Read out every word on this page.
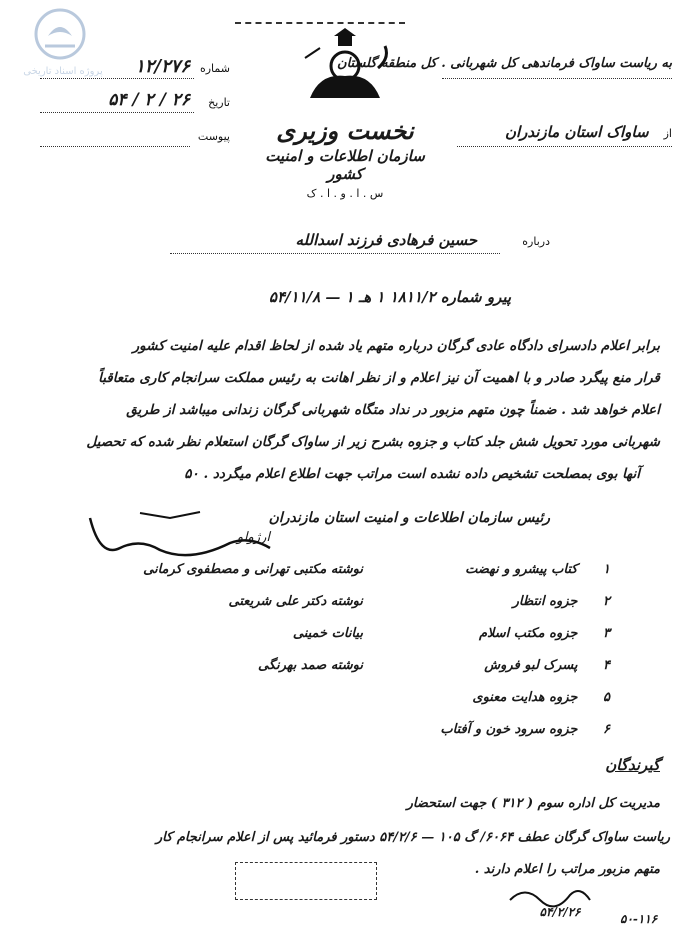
پروژه اسناد تاریخی
نخست وزیری
سازمان اطلاعات و امنیت کشور
س . ا . و . ا . ک
شماره
۱۲/۲۷۶
تاریخ
۲۶ / ۲ / ۵۴
پیوست
به ریاست ساواک فرماندهی کل شهربانی . کل منطقه گلستان
از ساواک استان مازندران
درباره حسین فرهادی فرزند اسدالله
پیرو شماره ۱۸۱۱/۲ ۱ هـ ۱ — ۵۴/۱۱/۸
برابر اعلام دادسرای دادگاه عادی گرگان درباره متهم یاد شده از لحاظ اقدام علیه امنیت کشور
قرار منع پیگرد صادر و با اهمیت آن نیز اعلام و از نظر اهانت به رئیس مملکت سرانجام کاری متعاقباً
اعلام خواهد شد . ضمناً چون متهم مزبور در نداد متگاه شهربانی گرگان زندانی میباشد از طریق
شهربانی مورد تحویل شش جلد کتاب و جزوه بشرح زیر از ساواک گرگان استعلام نظر شده که تحصیل
آنها بوی بمصلحت تشخیص داده نشده است مراتب جهت اطلاع اعلام میگردد . ۵۰
رئیس سازمان اطلاعات و امنیت استان مازندران
ارژولو
۱ کتاب پیشرو و نهضت نوشته مکتبی تهرانی و مصطفوی کرمانی
۲ جزوه انتظار نوشته دکتر علی شریعتی
۳ جزوه مکتب اسلام بیانات خمینی
۴ پسرک لبو فروش نوشته صمد بهرنگی
۵ جزوه هدایت معنوی
۶ جزوه سرود خون و آفتاب
گیرندگان
مدیریت کل اداره سوم ( ۳۱۲ ) جهت استحضار
ریاست ساواک گرگان عطف ۶۰۶۴/ گ ۱۰۵ — ۵۴/۲/۶ دستور فرمائید پس از اعلام سرانجام کار
متهم مزبور مراتب را اعلام دارند .
۵۴/۲/۲۶	۵۰-۱۱۶
